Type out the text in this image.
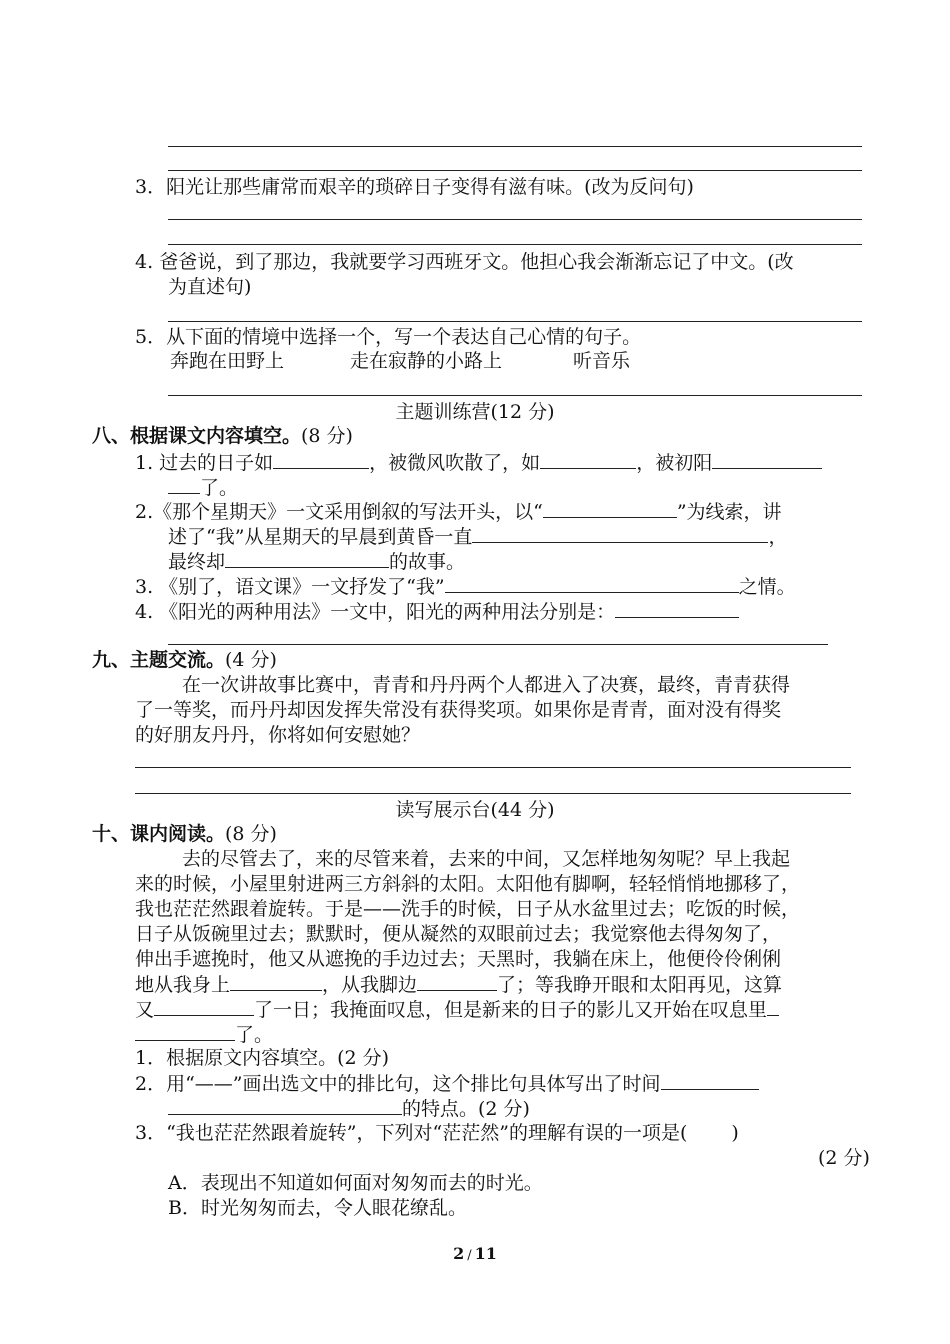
3．阳光让那些庸常而艰辛的琐碎日子变得有滋有味。(改为反问句)
4. 爸爸说，到了那边，我就要学习西班牙文。他担心我会渐渐忘记了中文。(改
为直述句)
5．从下面的情境中选择一个，写一个表达自己心情的句子。
奔跑在田野上	走在寂静的小路上	听音乐
主题训练营(12 分)
八、根据课文内容填空。(8 分)
1. 过去的日子如	，被微风吹散了，如	，被初阳
了。
2.《那个星期天》一文采用倒叙的写法开头，以“	”为线索，讲
述了“我”从星期天的早晨到黄昏一直	，
最终却	的故事。
3. 《别了，语文课》一文抒发了“我”	之情。
4. 《阳光的两种用法》一文中，阳光的两种用法分别是：
九、主题交流。(4 分)
在一次讲故事比赛中，青青和丹丹两个人都进入了决赛，最终，青青获得
了一等奖，而丹丹却因发挥失常没有获得奖项。如果你是青青，面对没有得奖
的好朋友丹丹，你将如何安慰她？
读写展示台(44 分)
十、课内阅读。(8 分)
去的尽管去了，来的尽管来着，去来的中间，又怎样地匆匆呢？早上我起
来的时候，小屋里射进两三方斜斜的太阳。太阳他有脚啊，轻轻悄悄地挪移了，
我也茫茫然跟着旋转。于是——洗手的时候，日子从水盆里过去；吃饭的时候，
日子从饭碗里过去；默默时，便从凝然的双眼前过去；我觉察他去得匆匆了，
伸出手遮挽时，他又从遮挽的手边过去；天黑时，我躺在床上，他便伶伶俐俐
地从我身上	，从我脚边	了；等我睁开眼和太阳再见，这算
又	了一日；我掩面叹息，但是新来的日子的影儿又开始在叹息里
了。
1．根据原文内容填空。(2 分)
2．用“——”画出选文中的排比句，这个排比句具体写出了时间
的特点。(2 分)
3．“我也茫茫然跟着旋转”，下列对“茫茫然”的理解有误的一项是( )
(2 分)
A．表现出不知道如何面对匆匆而去的时光。
B．时光匆匆而去，令人眼花缭乱。
2 / 11
